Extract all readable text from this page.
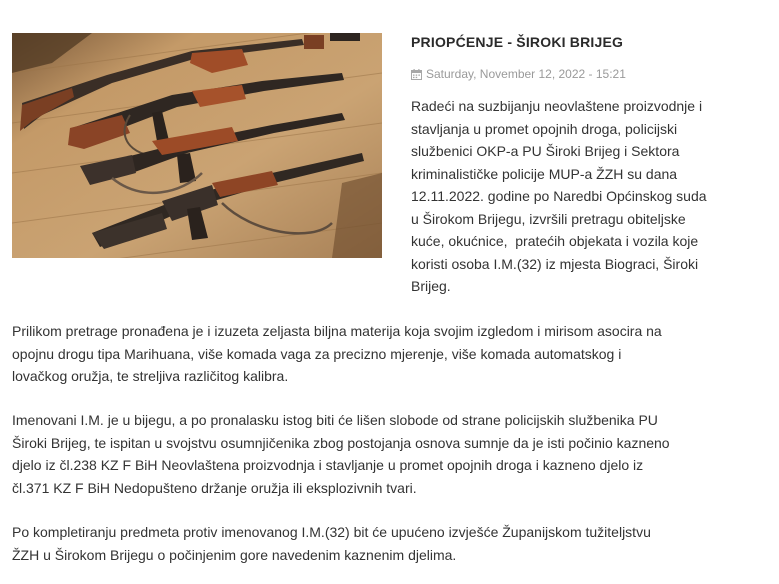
PRIOPĆENJE - ŠIROKI BRIJEG
Saturday, November 12, 2022 - 15:21

Radeći na suzbijanju neovlaštene proizvodnje i
stavljanja u promet opojnih droga, policijski
službenici OKP-a PU Široki Brijeg i Sektora
kriminalističke policije MUP-a ŽZH su dana
12.11.2022. godine po Naredbi Općinskog suda
u Širokom Brijegu, izvršili pretragu obiteljske
kuće, okućnice,  pratećih objekata i vozila koje
koristi osoba I.M.(32) iz mjesta Biograci, Široki
Brijeg.

Prilikom pretrage pronađena je i izuzeta zeljasta biljna materija koja svojim izgledom i mirisom asocira na
opojnu drogu tipa Marihuana, više komada vaga za precizno mjerenje, više komada automatskog i
lovačkog oružja, te streljiva različitog kalibra.

Imenovani I.M. je u bijegu, a po pronalasku istog biti će lišen slobode od strane policijskih službenika PU
Široki Brijeg, te ispitan u svojstvu osumnjičenika zbog postojanja osnova sumnje da je isti počinio kazneno
djelo iz čl.238 KZ F BiH Neovlaštena proizvodnja i stavljanje u promet opojnih droga i kazneno djelo iz
čl.371 KZ F BiH Nedopušteno držanje oružja ili eksplozivnih tvari.

Po kompletiranju predmeta protiv imenovanog I.M.(32) bit će upućeno izvješće Županijskom tužiteljstvu
ŽZH u Širokom Brijegu o počinjenim gore navedenim kaznenim djelima.
